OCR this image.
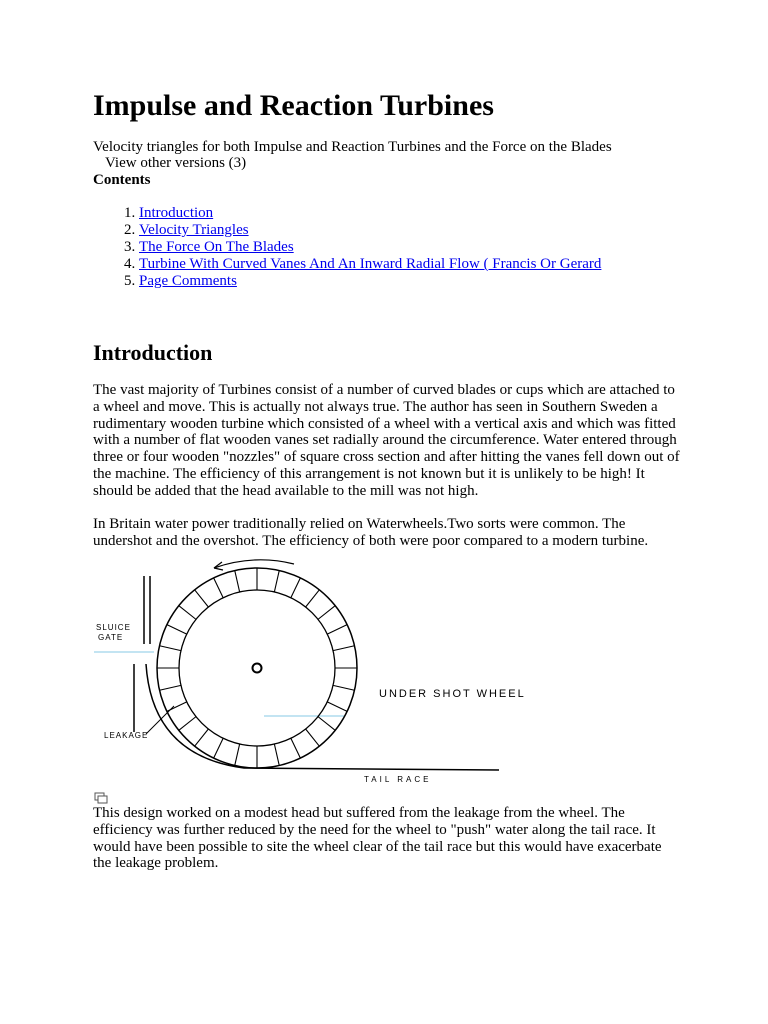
Impulse and Reaction Turbines
Velocity triangles for both Impulse and Reaction Turbines and the Force on the Blades
View other versions (3)
Contents
1. Introduction
2. Velocity Triangles
3. The Force On The Blades
4. Turbine With Curved Vanes And An Inward Radial Flow ( Francis Or Gerard
5. Page Comments
Introduction

The vast majority of Turbines consist of a number of curved blades or cups which are attached to a wheel and move. This is actually not always true. The author has seen in Southern Sweden a rudimentary wooden turbine which consisted of a wheel with a vertical axis and which was fitted with a number of flat wooden vanes set radially around the circumference. Water entered through three or four wooden "nozzles" of square cross section and after hitting the vanes fell down out of the machine. The efficiency of this arrangement is not known but it is unlikely to be high! It should be added that the head available to the mill was not high.

In Britain water power traditionally relied on Waterwheels.Two sorts were common. The undershot and the overshot. The efficiency of both were poor compared to a modern turbine.

SLUICE
GATE
UNDER SHOT WHEEL
LEAKAGE
TAIL RACE

This design worked on a modest head but suffered from the leakage from the wheel. The efficiency was further reduced by the need for the wheel to "push" water along the tail race. It would have been possible to site the wheel clear of the tail race but this would have exacerbate the leakage problem.
